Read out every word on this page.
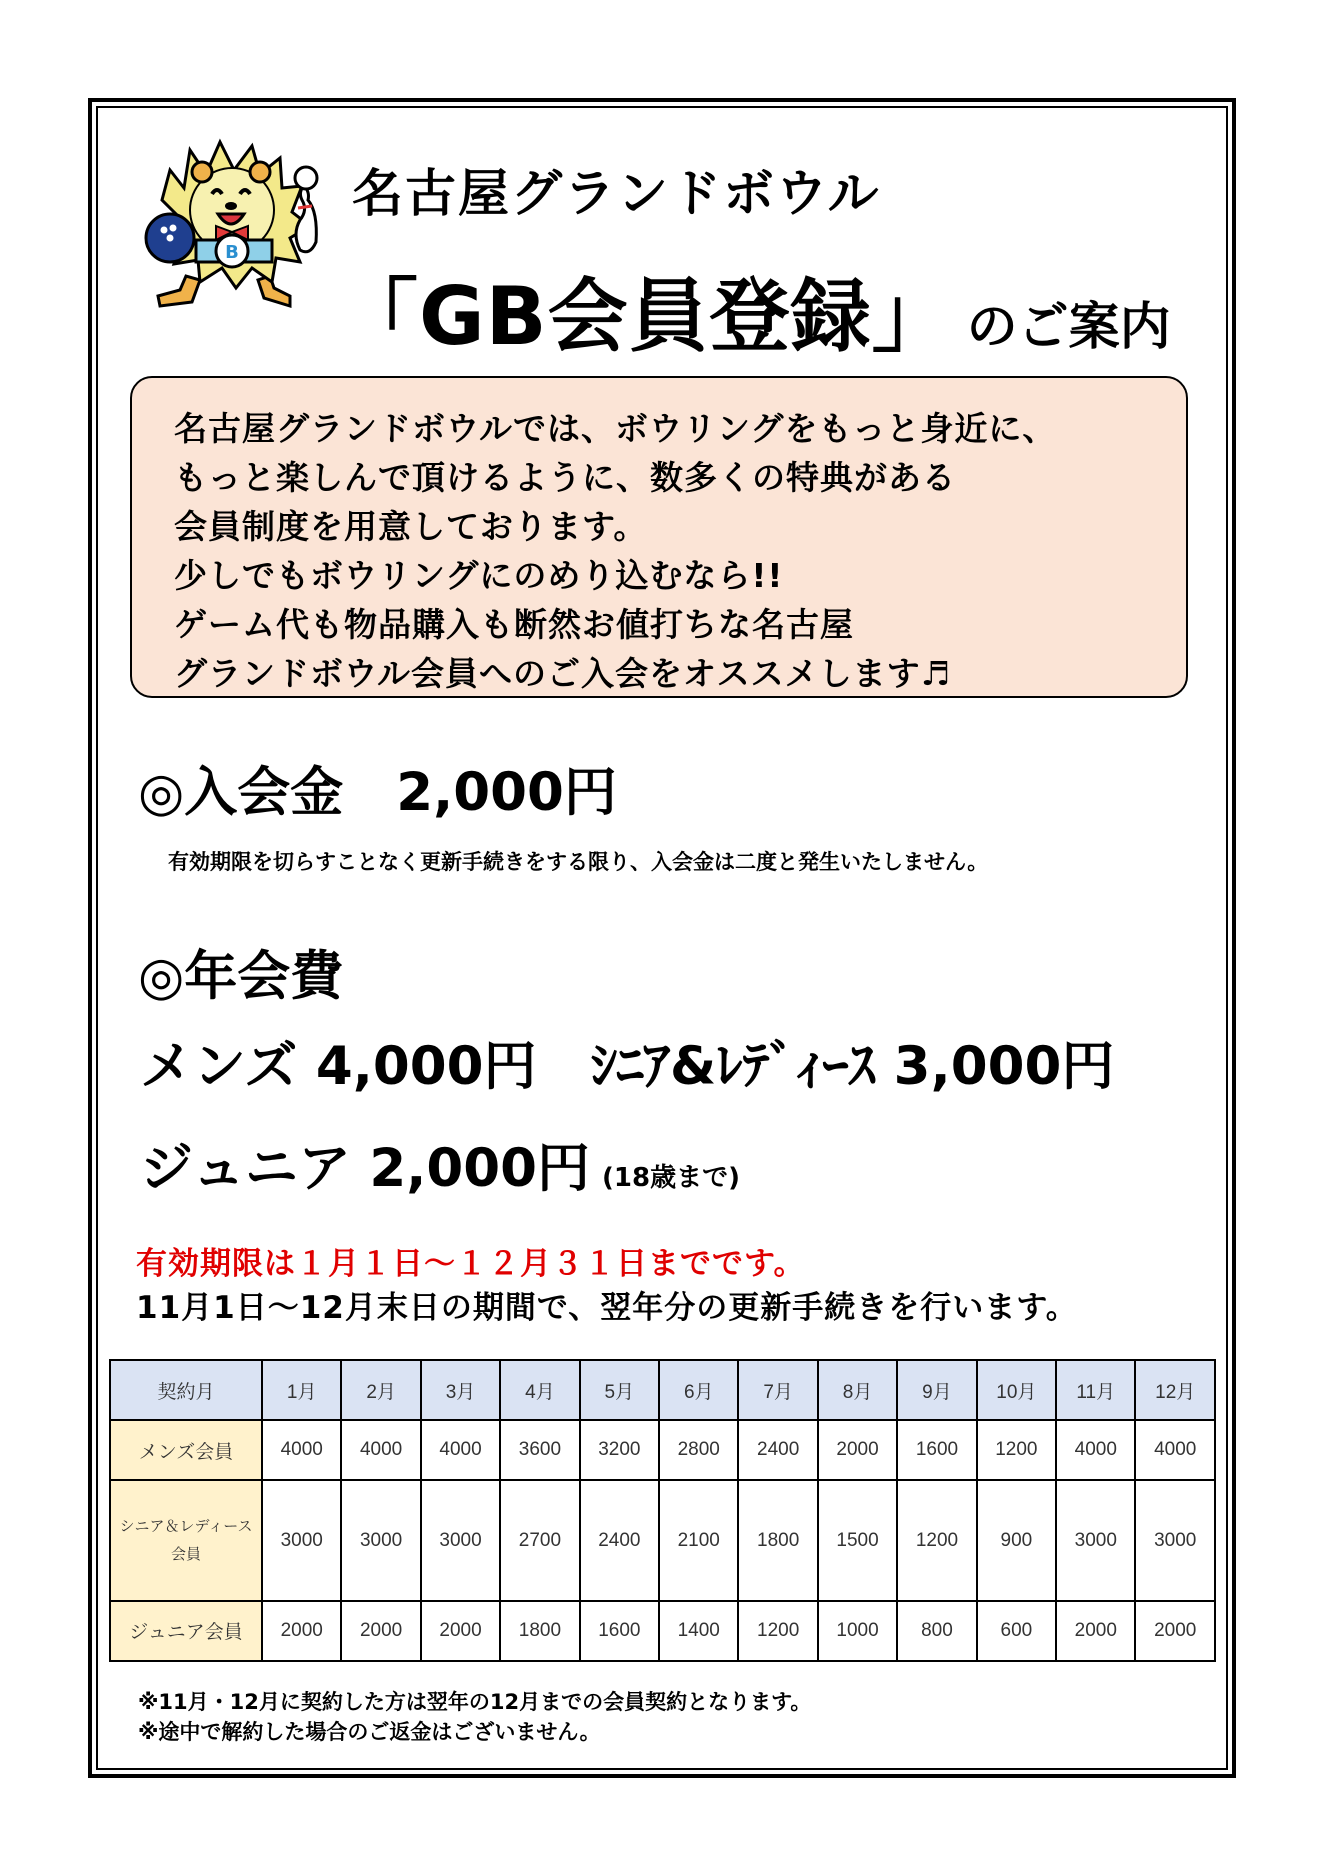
B
名古屋グランドボウル
「GB会員登録」 のご案内
名古屋グランドボウルでは、ボウリングをもっと身近に、
もっと楽しんで頂けるように、数多くの特典がある
会員制度を用意しております。
少しでもボウリングにのめり込むなら!!
ゲーム代も物品購入も断然お値打ちな名古屋
グランドボウル会員へのご入会をオススメします♬
◎入会金　2,000円
有効期限を切らすことなく更新手続きをする限り、入会金は二度と発生いたしません。
◎年会費
メンズ 4,000円 ｼﾆｱ&ﾚﾃﾞｨｰｽ 3,000円
ジュニア 2,000円 (18歳まで)
有効期限は１月１日～１２月３１日までです。
11月1日～12月末日の期間で、翌年分の更新手続きを行います。
契約月	1月	2月	3月	4月	5月	6月	7月	8月	9月	10月	11月	12月
メンズ会員	4000	4000	4000	3600	3200	2800	2400	2000	1600	1200	4000	4000

シニア＆レディース
会員	3000	3000	3000	2700	2400	2100	1800	1500	1200	900	3000	3000
ジュニア会員	2000	2000	2000	1800	1600	1400	1200	1000	800	600	2000	2000
※11月・12月に契約した方は翌年の12月までの会員契約となります。
※途中で解約した場合のご返金はございません。
